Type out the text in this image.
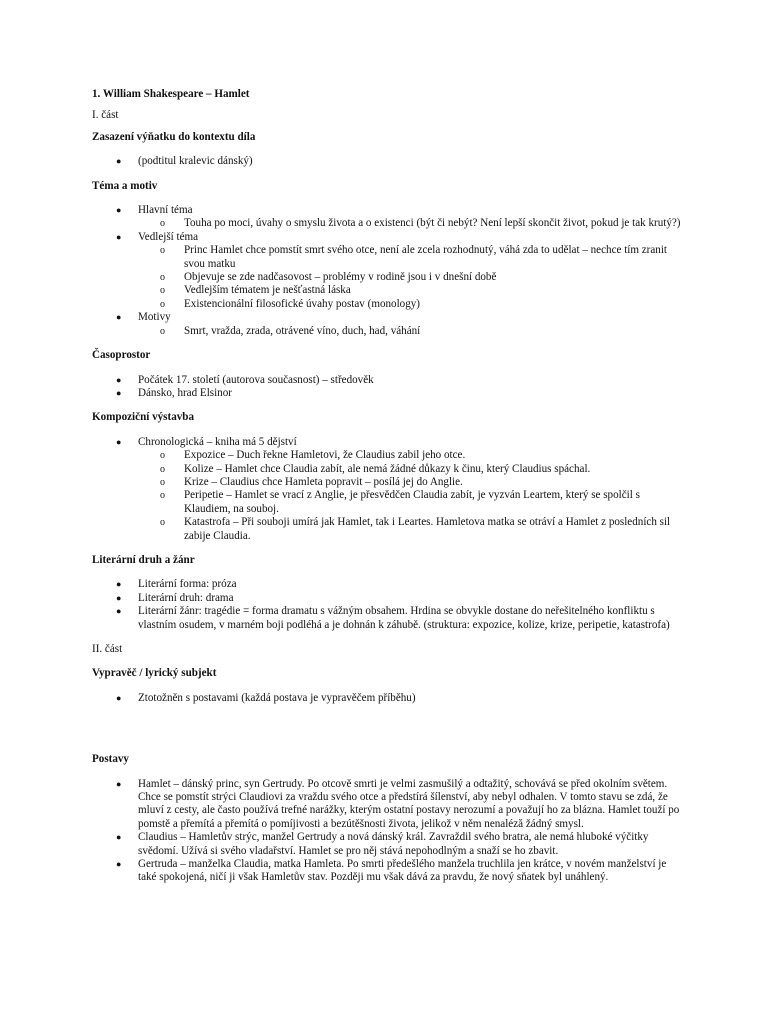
1. William Shakespeare – Hamlet

I. část

Zasazení výňatku do kontextu díla

● (podtitul kralevic dánský)

Téma a motiv

● Hlavní téma
o Touha po moci, úvahy o smyslu života a o existenci (být či nebýt? Není lepší skončit život, pokud je tak krutý?)
● Vedlejší téma
o Princ Hamlet chce pomstít smrt svého otce, není ale zcela rozhodnutý, váhá zda to udělat – nechce tím zranit svou matku
o Objevuje se zde nadčasovost – problémy v rodině jsou i v dnešní době
o Vedlejším tématem je nešťastná láska
o Existencionální filosofické úvahy postav (monology)
● Motivy
o Smrt, vražda, zrada, otrávené víno, duch, had, váhání

Časoprostor

● Počátek 17. století (autorova současnost) – středověk
● Dánsko, hrad Elsinor

Kompoziční výstavba

● Chronologická – kniha má 5 dějství
o Expozice – Duch řekne Hamletovi, že Claudius zabil jeho otce.
o Kolize – Hamlet chce Claudia zabít, ale nemá žádné důkazy k činu, který Claudius spáchal.
o Krize – Claudius chce Hamleta popravit – posílá jej do Anglie.
o Peripetie – Hamlet se vrací z Anglie, je přesvědčen Claudia zabít, je vyzván Leartem, který se spolčil s Klaudiem, na souboj.
o Katastrofa – Při souboji umírá jak Hamlet, tak i Leartes. Hamletova matka se otráví a Hamlet z posledních sil zabije Claudia.

Literární druh a žánr

● Literární forma: próza
● Literární druh: drama
● Literární žánr: tragédie = forma dramatu s vážným obsahem. Hrdina se obvykle dostane do neřešitelného konfliktu s vlastním osudem, v marném boji podléhá a je dohnán k záhubě. (struktura: expozice, kolize, krize, peripetie, katastrofa)

II. část

Vypravěč / lyrický subjekt

● Ztotožněn s postavami (každá postava je vypravěčem příběhu)

Postavy

● Hamlet – dánský princ, syn Gertrudy. Po otcově smrti je velmi zasmušilý a odtažitý, schovává se před okolním světem. Chce se pomstít strýci Claudiovi za vraždu svého otce a předstírá šílenství, aby nebyl odhalen. V tomto stavu se zdá, že mluví z cesty, ale často používá trefné narážky, kterým ostatní postavy nerozumí a považují ho za blázna. Hamlet touží po pomstě a přemítá a přemítá o pomíjivosti a bezútěšnosti života, jelikož v něm nenaléză žádný smysl.
● Claudius – Hamletův strýc, manžel Gertrudy a nová dánský král. Zavraždil svého bratra, ale nemá hluboké výčitky svědomí. Užívá si svého vladařství. Hamlet se pro něj stává nepohodlným a snaží se ho zbavit.
● Gertruda – manželka Claudia, matka Hamleta. Po smrti předešlého manžela truchlila jen krátce, v novém manželství je také spokojená, ničí ji však Hamletův stav. Později mu však dává za pravdu, že nový sňatek byl unáhlený.
